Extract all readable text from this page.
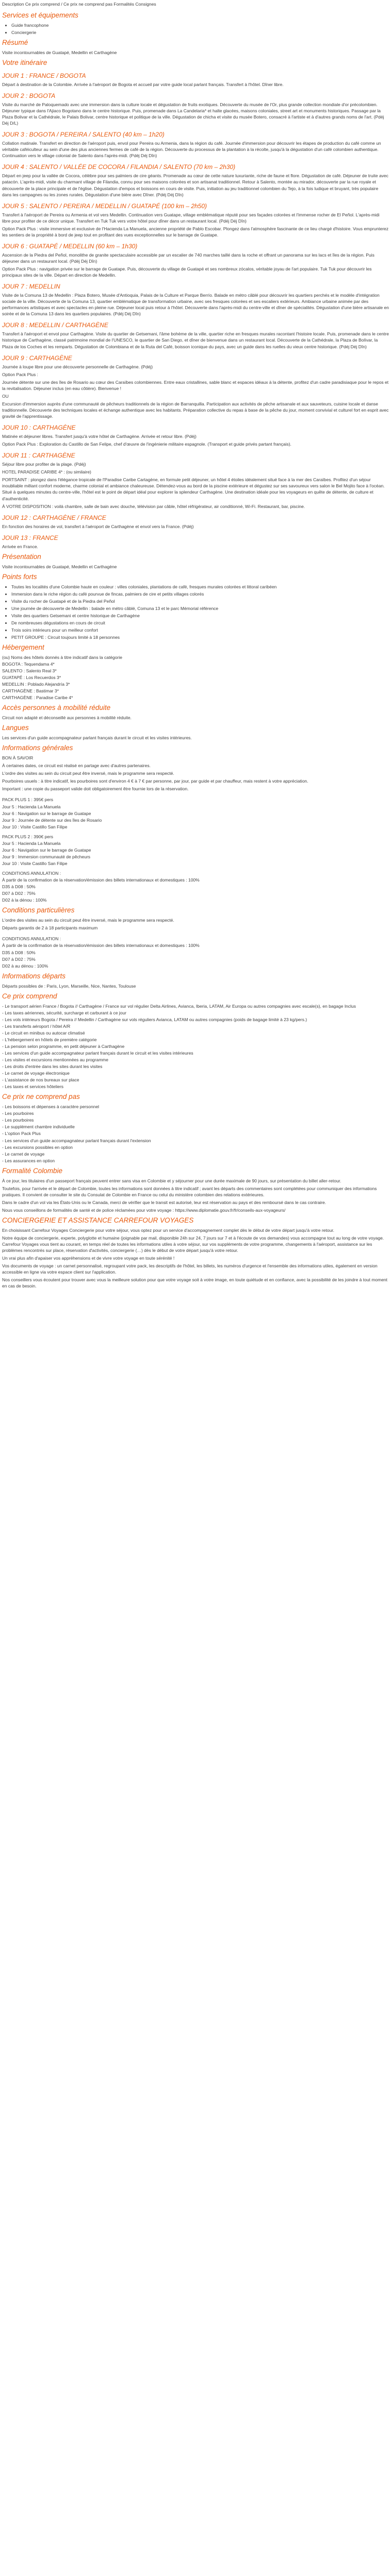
Description Ce prix comprend / Ce prix ne comprend pas Formalités Consignes

Services et équipements
• Guide francophone
• Conciergerie
Résumé

Visite incontournables de Guatapé, Medellin et Carthagène

Votre itinéraire
JOUR 1 : FRANCE / BOGOTA

Départ à destination de la Colombie. Arrivée à l'aéroport de Bogota et accueil par votre guide local parlant français. Transfert à l'hôtel. Dîner libre.

JOUR 2 : BOGOTA

Visite du marché de Paloquemado avec une immersion dans la culture locale et dégustation de fruits exotiques. Découverte du musée de l'Or, plus grande collection mondiale d'or précolombien. Déjeuner typique dans l'Ajiaco Bogotano dans le centre historique. Puis, promenade dans La Candelaria* et halte glacées, maisons coloniales, street art et monuments historiques. Passage par la Plaza Bolivar et la Cathédrale, le Palais Bolivar, centre historique et politique de la ville. Dégustation de chicha et visite du musée Botero, consacré à l'artiste et à d'autres grands noms de l'art. (Pdéj Déj D/L)

JOUR 3 : BOGOTA / PEREIRA / SALENTO (40 km – 1h20)

Collation matinale. Transfert en direction de l'aéroport puis, envol pour Pereira ou Armenia, dans la région du café. Journée d'immersion pour découvrir les étapes de production du café comme un véritable caféiculteur au sein d'une des plus anciennes fermes de café de la région. Découverte du processus de la plantation à la récolte, jusqu'à la dégustation d'un café colombien authentique. Continuation vers le village colonial de Salento dans l'après-midi. (Pdéj Déj Dîn)

JOUR 4 : SALENTO / VALLÉE DE COCORA / FILANDIA / SALENTO (70 km – 2h30)

Départ en jeep pour la vallée de Cocora, célèbre pour ses palmiers de cire géants. Promenade au cœur de cette nature luxuriante, riche de faune et flore. Dégustation de café. Déjeuner de truite avec patacón. L'après-midi, visite du charmant village de Filandia, connu pour ses maisons colorées et son artisanat traditionnel. Retour à Salento, montée au mirador, découverte par la rue royale et découverte de la place principale et de l'église. Dégustation d'empos et boissons en cours de visite. Puis, initiation au jeu traditionnel colombien du Tejo, à la fois ludique et bruyant, très populaire dans les campagnes ou les zones rurales. Dégustation d'une bière avec Dîner. (Pdéj Déj Dîn)

JOUR 5 : SALENTO / PEREIRA / MEDELLIN / GUATAPÉ (100 km – 2h50)

Transfert à l'aéroport de Pereira ou Armenia et vol vers Medellin. Continuation vers Guatape, village emblématique réputé pour ses façades colorées et l'immense rocher de El Peñol. L'après-midi libre pour profiter de ce décor unique. Transfert en Tuk Tuk vers votre hôtel pour dîner dans un restaurant local. (Pdéj Déj Dîn)

Option Pack Plus : visite immersive et exclusive de l'Hacienda La Manuela, ancienne propriété de Pablo Escobar. Plongez dans l'atmosphère fascinante de ce lieu chargé d'histoire. Vous emprunterez les sentiers de la propriété à bord de jeep tout en profitant des vues exceptionnelles sur le barrage de Guatape.

JOUR 6 : GUATAPÉ / MEDELLIN (60 km – 1h30)

Ascension de la Piedra del Peñol, monolithe de granite spectaculaire accessible par un escalier de 740 marches taillé dans la roche et offrant un panorama sur les lacs et îles de la région. Puis déjeuner dans un restaurant local. (Pdéj Déj Dîn)

Option Pack Plus : navigation privée sur le barrage de Guatape. Puis, découverte du village de Guatapé et ses nombreux zócalos, véritable joyau de l'art populaire. Tuk Tuk pour découvrir les principaux sites de la ville. Départ en direction de Medellin.

JOUR 7 : MEDELLIN

Visite de la Comuna 13 de Medellin : Plaza Botero, Musée d'Antioquia, Palais de la Culture et Parque Berrío. Balade en métro câblé pour découvrir les quartiers perchés et le modèle d'intégration sociale de la ville. Découverte de la Comuna 13, quartier emblématique de transformation urbaine, avec ses fresques colorées et ses escaliers extérieurs. Ambiance urbaine animée par des performances artistiques et avec spectacles en pleine rue. Déjeuner local puis retour à l'hôtel. Découverte dans l'après-midi du centre-ville et dîner de spécialités. Dégustation d'une bière artisanale en soirée et de la Comuna 13 dans les quartiers populaires. (Pdéj Déj Dîn)

JOUR 8 : MEDELLIN / CARTHAGÈNE

Transfert à l'aéroport et envol pour Carthagène. Visite du quartier de Getsemani, l'âme bohème de la ville, quartier riche en fresques murales racontant l'histoire locale. Puis, promenade dans le centre historique de Carthagène, classé patrimoine mondial de l'UNESCO, le quartier de San Diego, et dîner de bienvenue dans un restaurant local. Découverte de la Cathédrale, la Plaza de Bolívar, la Plaza de los Coches et les remparts. Dégustation de Colombiana et de la Ruta del Café, boisson iconique du pays, avec un guide dans les ruelles du vieux centre historique. (Pdéj Déj Dîn)

JOUR 9 : CARTHAGÈNE

Journée à loupe libre pour une découverte personnelle de Carthagène. (Pdéj)

Option Pack Plus :

Journée détente sur une des îles de Rosario au cœur des Caraïbes colombiennes. Entre eaux cristallines, sable blanc et espaces idéaux à la détente, profitez d'un cadre paradisiaque pour le repos et la revitalisation. Déjeuner inclus (en eau côtière). Bienvenue !

OU

Excursion d'immersion auprès d'une communauté de pêcheurs traditionnels de la région de Barranquilla. Participation aux activités de pêche artisanale et aux sauveteurs, cuisine locale et danse traditionnelle. Découverte des techniques locales et échange authentique avec les habitants. Préparation collective du repas à base de la pêche du jour, moment convivial et culturel fort en esprit avec gravité de l'apprentissage.

JOUR 10 : CARTHAGÈNE

Matinée et déjeuner libres. Transfert jusqu'à votre hôtel de Carthagène. Arrivée et retour libre. (Pdéj)

Option Pack Plus : Exploration du Castillo de San Felipe, chef d'œuvre de l'ingénierie militaire espagnole. (Transport et guide privés partant français).

JOUR 11 : CARTHAGÈNE

Séjour libre pour profiter de la plage. (Pdéj)

HOTEL PARADISE CARIBE 4* : (ou similaire)

PORTSAINT : plongez dans l'élégance tropicale de l'Paradise Caribe Cartagène, en formule petit déjeuner, un hôtel 4 étoiles idéalement situé face à la mer des Caraïbes. Profitez d'un séjour inoubliable mêlant confort moderne, charme colonial et ambiance chaleureuse. Détendez-vous au bord de la piscine extérieure et dégustez sur ses savoureux vers salon le Bel Mojito face à l'océan. Situé à quelques minutes du centre-ville, l'hôtel est le point de départ idéal pour explorer la splendeur Carthagène. Une destination idéale pour les voyageurs en quête de détente, de culture et d'authenticité.

À VOTRE DISPOSITION : voilà chambre, salle de bain avec douche, télévision par câble, hôtel réfrigérateur, air conditionné, Wi-Fi. Restaurant, bar, piscine.

JOUR 12 : CARTHAGÈNE / FRANCE

En fonction des horaires de vol, transfert à l'aéroport de Carthagène et envol vers la France. (Pdéj)

JOUR 13 : FRANCE

Arrivée en France.

Présentation

Visite incontournables de Guatapé, Medellin et Carthagène

Points forts
• Toutes les localités d'une Colombie haute en couleur : villes coloniales, plantations de café, fresques murales colorées et littoral caribéen
• Immersion dans le riche région du café pourvue de fincas, palmiers de cire et petits villages colorés
• Visite du rocher de Guatapé et de la Piedra del Peñol
• Une journée de découverte de Medellin : balade en métro câblé, Comuna 13 et le parc Mémorial référence
• Visite des quartiers Getsemani et centre historique de Carthagène
• De nombreuses dégustations en cours de circuit
• Trois soirs intérieurs pour un meilleur confort
• PETIT GROUPE : Circuit toujours limité à 18 personnes
Hébergement

(ou) Noms des hôtels donnés à titre indicatif dans la catégorie

BOGOTA : Tequendama 4*

SALENTO : Salento Real 3*

GUATAPÉ : Los Recuerdos 3*

MEDELLIN : Poblado Alejandría 3*

CARTHAGÈNE : Bastimar 3*

CARTHAGÈNE : Paradise Caribe 4*

Accès personnes à mobilité réduite

Circuit non adapté et déconseillé aux personnes à mobilité réduite.

Langues

Les services d'un guide accompagnateur parlant français durant le circuit et les visites intérieures.

Informations générales

BON À SAVOIR

À certaines dates, ce circuit est réalisé en partage avec d'autres partenaires.

L'ordre des visites au sein du circuit peut être inversé, mais le programme sera respecté.

Pourboires usuels : à titre indicatif, les pourboires sont d'environ 4 € à 7 € par personne, par jour, par guide et par chauffeur, mais restent à votre appréciation.

Important : une copie du passeport valide doit obligatoirement être fournie lors de la réservation.

PACK PLUS 1 : 395€ pers

Jour 5 : Hacienda La Manuela

Jour 6 : Navigation sur le barrage de Guatape

Jour 9 : Journée de détente sur des îles de Rosario

Jour 10 : Visite Castillo San Filipe

PACK PLUS 2 : 390€ pers

Jour 5 : Hacienda La Manuela

Jour 6 : Navigation sur le barrage de Guatape

Jour 9 : Immersion communauté de pêcheurs

Jour 10 : Visite Castillo San Filipe

CONDITIONS ANNULATION :

À partir de la confirmation de la réservation/émission des billets internationaux et domestiques : 100%

D35 à D08 : 50%

D07 à D02 : 75%

D02 à la dénou : 100%

Conditions particulières

L'ordre des visites au sein du circuit peut être inversé, mais le programme sera respecté.

Départs garantis de 2 à 18 participants maximum

CONDITIONS ANNULATION :

À partir de la confirmation de la réservation/émission des billets internationaux et domestiques : 100%

D35 à D08 : 50%

D07 à D02 : 75%

D02 à au dénou : 100%

Informations départs

Départs possibles de : Paris, Lyon, Marseille, Nice, Nantes, Toulouse

Ce prix comprend

- Le transport aérien France / Bogota // Carthagène / France sur vol régulier Delta Airlines, Avianca, Iberia, LATAM, Air Europa ou autres compagnies avec escale(s), en bagage Inclus

- Les taxes aériennes, sécurité, surcharge et carburant à ce jour

- Les vols intérieurs Bogota / Pereira // Medellin / Carthagène sur vols réguliers Avianca, LATAM ou autres compagnies (poids de bagage limité à 23 kg/pers.)

- Les transferts aéroport / hôtel A/R

- Le circuit en minibus ou autocar climatisé

- L'hébergement en hôtels de première catégorie

- La pension selon programme, en petit déjeuner à Carthagène

- Les services d'un guide accompagnateur parlant français durant le circuit et les visites intérieures

- Les visites et excursions mentionnées au programme

- Les droits d'entrée dans les sites durant les visites

- Le carnet de voyage électronique

- L'assistance de nos bureaux sur place

- Les taxes et services hôteliers

Ce prix ne comprend pas

- Les boissons et dépenses à caractère personnel

- Les pourboires

- Les pourboires

- Le supplément chambre individuelle

- L'option Pack Plus

- Les services d'un guide accompagnateur parlant français durant l'extension

- Les excursions possibles en option

- Le carnet de voyage

- Les assurances en option

Formalité Colombie

À ce jour, les titulaires d'un passeport français peuvent entrer sans visa en Colombie et y séjourner pour une durée maximale de 90 jours, sur présentation du billet aller-retour.

Toutefois, pour l'arrivée et le départ de Colombie, toutes les informations sont données à titre indicatif ; avant les départs des commentaires sont complétées pour communiquer des informations pratiques. Il convient de consulter le site du Consulat de Colombie en France ou celui du ministère colombien des relations extérieures.

Dans le cadre d'un vol via les États-Unis ou le Canada, merci de vérifier que le transit est autorisé, leur est réservation au pays et des remboursé dans le cas contraire.

Nous vous conseillons de formalités de santé et de police réclamées pour votre voyage : https://www.diplomatie.gouv.fr/fr/conseils-aux-voyageurs/

CONCIERGERIE ET ASSISTANCE CARREFOUR VOYAGES

En choisissant Carrefour Voyages Conciergerie pour votre séjour, vous optez pour un service d'accompagnement complet dès le début de votre départ jusqu'à votre retour.

Notre équipe de conciergerie, experte, polyglotte et humaine (joignable par mail, disponible 24h sur 24, 7 jours sur 7 et à l'écoute de vos demandes) vous accompagne tout au long de votre voyage. Carrefour Voyages vous tient au courant, en temps réel de toutes les informations utiles à votre séjour, sur vos suppléments de votre programme, changements à l'aéroport, assistance sur les problèmes rencontrés sur place, réservation d'activités, conciergerie (…) dès le début de votre départ jusqu'à votre retour.

Un vrai plus afin d'apaiser vos appréhensions et de vivre votre voyage en toute sérénité !

Vos documents de voyage : un carnet personnalisé, regroupant votre pack, les descriptifs de l'hôtel, les billets, les numéros d'urgence et l'ensemble des informations utiles, également en version accessible en ligne via votre espace client sur l'application.

Nos conseillers vous écoutent pour trouver avec vous la meilleure solution pour que votre voyage soit à votre image, en toute quiétude et en confiance, avec la possibilité de les joindre à tout moment en cas de besoin.
